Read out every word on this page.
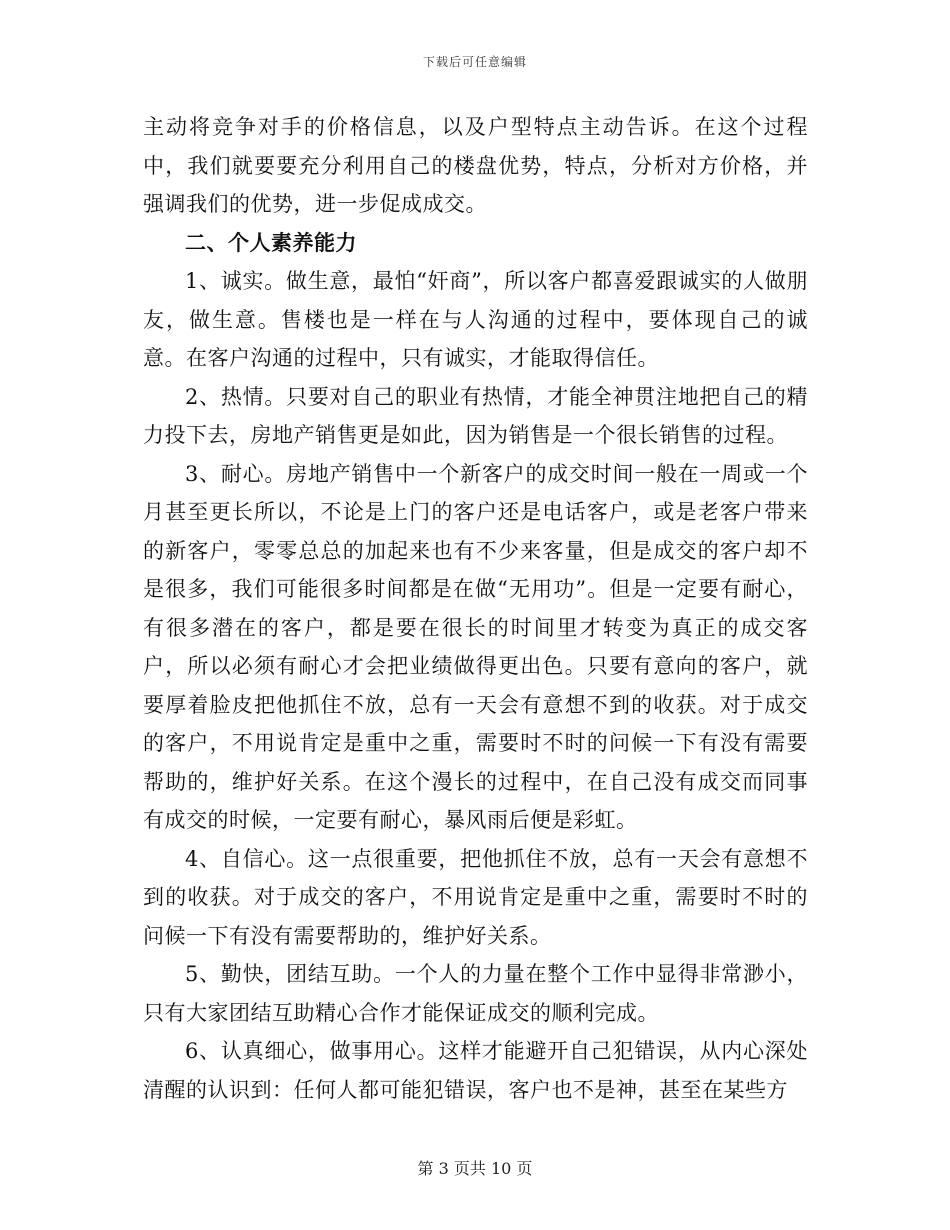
下载后可任意编辑

主动将竞争对手的价格信息，以及户型特点主动告诉。在这个过程中，我们就要要充分利用自己的楼盘优势，特点，分析对方价格，并强调我们的优势，进一步促成成交。

二、个人素养能力

1、诚实。做生意，最怕“奸商”，所以客户都喜爱跟诚实的人做朋友，做生意。售楼也是一样在与人沟通的过程中，要体现自己的诚意。在客户沟通的过程中，只有诚实，才能取得信任。

2、热情。只要对自己的职业有热情，才能全神贯注地把自己的精力投下去，房地产销售更是如此，因为销售是一个很长销售的过程。

3、耐心。房地产销售中一个新客户的成交时间一般在一周或一个月甚至更长所以，不论是上门的客户还是电话客户，或是老客户带来的新客户，零零总总的加起来也有不少来客量，但是成交的客户却不是很多，我们可能很多时间都是在做“无用功”。但是一定要有耐心，有很多潜在的客户，都是要在很长的时间里才转变为真正的成交客户，所以必须有耐心才会把业绩做得更出色。只要有意向的客户，就要厚着脸皮把他抓住不放，总有一天会有意想不到的收获。对于成交的客户，不用说肯定是重中之重，需要时不时的问候一下有没有需要帮助的，维护好关系。在这个漫长的过程中，在自己没有成交而同事有成交的时候，一定要有耐心，暴风雨后便是彩虹。

4、自信心。这一点很重要，把他抓住不放，总有一天会有意想不到的收获。对于成交的客户，不用说肯定是重中之重，需要时不时的问候一下有没有需要帮助的，维护好关系。

5、勤快，团结互助。一个人的力量在整个工作中显得非常渺小，只有大家团结互助精心合作才能保证成交的顺利完成。

6、认真细心，做事用心。这样才能避开自己犯错误，从内心深处清醒的认识到：任何人都可能犯错误，客户也不是神，甚至在某些方

第 3 页共 10 页
